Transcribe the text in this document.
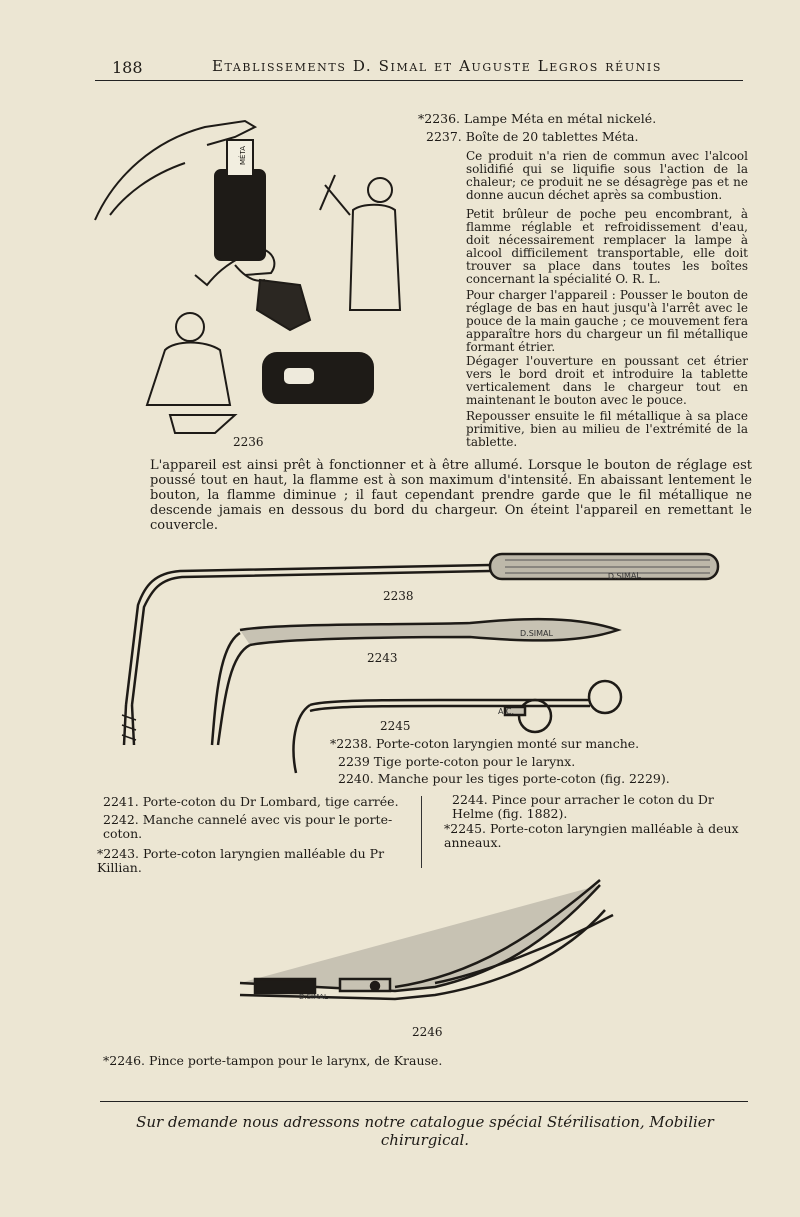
188	Etablissements D. Simal et Auguste Legros réunis
MÉTA
2236
*2236. Lampe Méta en métal nickelé.
2237. Boîte de 20 tablettes Méta.
Ce produit n'a rien de commun avec l'alcool solidifié qui se liquifie sous l'action de la chaleur; ce produit ne se désagrège pas et ne donne aucun déchet après sa combustion.
Petit brûleur de poche peu encombrant, à flamme réglable et refroidissement d'eau, doit nécessairement remplacer la lampe à alcool difficilement transportable, elle doit trouver sa place dans toutes les boîtes concernant la spécialité O. R. L.
Pour charger l'appareil : Pousser le bouton de réglage de bas en haut jusqu'à l'arrêt avec le pouce de la main gauche ; ce mouvement fera apparaître hors du chargeur un fil métallique formant étrier.
Dégager l'ouverture en poussant cet étrier vers le bord droit et introduire la tablette verticalement dans le chargeur tout en maintenant le bouton avec le pouce.
Repousser ensuite le fil métallique à sa place primitive, bien au milieu de l'extrémité de la tablette.
L'appareil est ainsi prêt à fonctionner et à être allumé. Lorsque le bouton de réglage est poussé tout en haut, la flamme est à son maximum d'intensité. En abaissant lentement le bouton, la flamme diminue ; il faut cependant prendre garde que le fil métallique ne descende jamais en dessous du bord du chargeur. On éteint l'appareil en remettant le couvercle.
D.SIMAL
D.SIMAL
A.C.
2238
2243
2245
*2238. Porte-coton laryngien monté sur manche.
2239 Tige porte-coton pour le larynx.
2240. Manche pour les tiges porte-coton (fig. 2229).
2241. Porte-coton du Dr Lombard, tige carrée.
2242. Manche cannelé avec vis pour le porte-coton.
*2243. Porte-coton laryngien malléable du Pr Killian.
2244. Pince pour arracher le coton du Dr Helme (fig. 1882).
*2245. Porte-coton laryngien malléable à deux anneaux.
D.SIMAL
2246
*2246. Pince porte-tampon pour le larynx, de Krause.
Sur demande nous adressons notre catalogue spécial Stérilisation, Mobilier chirurgical.
